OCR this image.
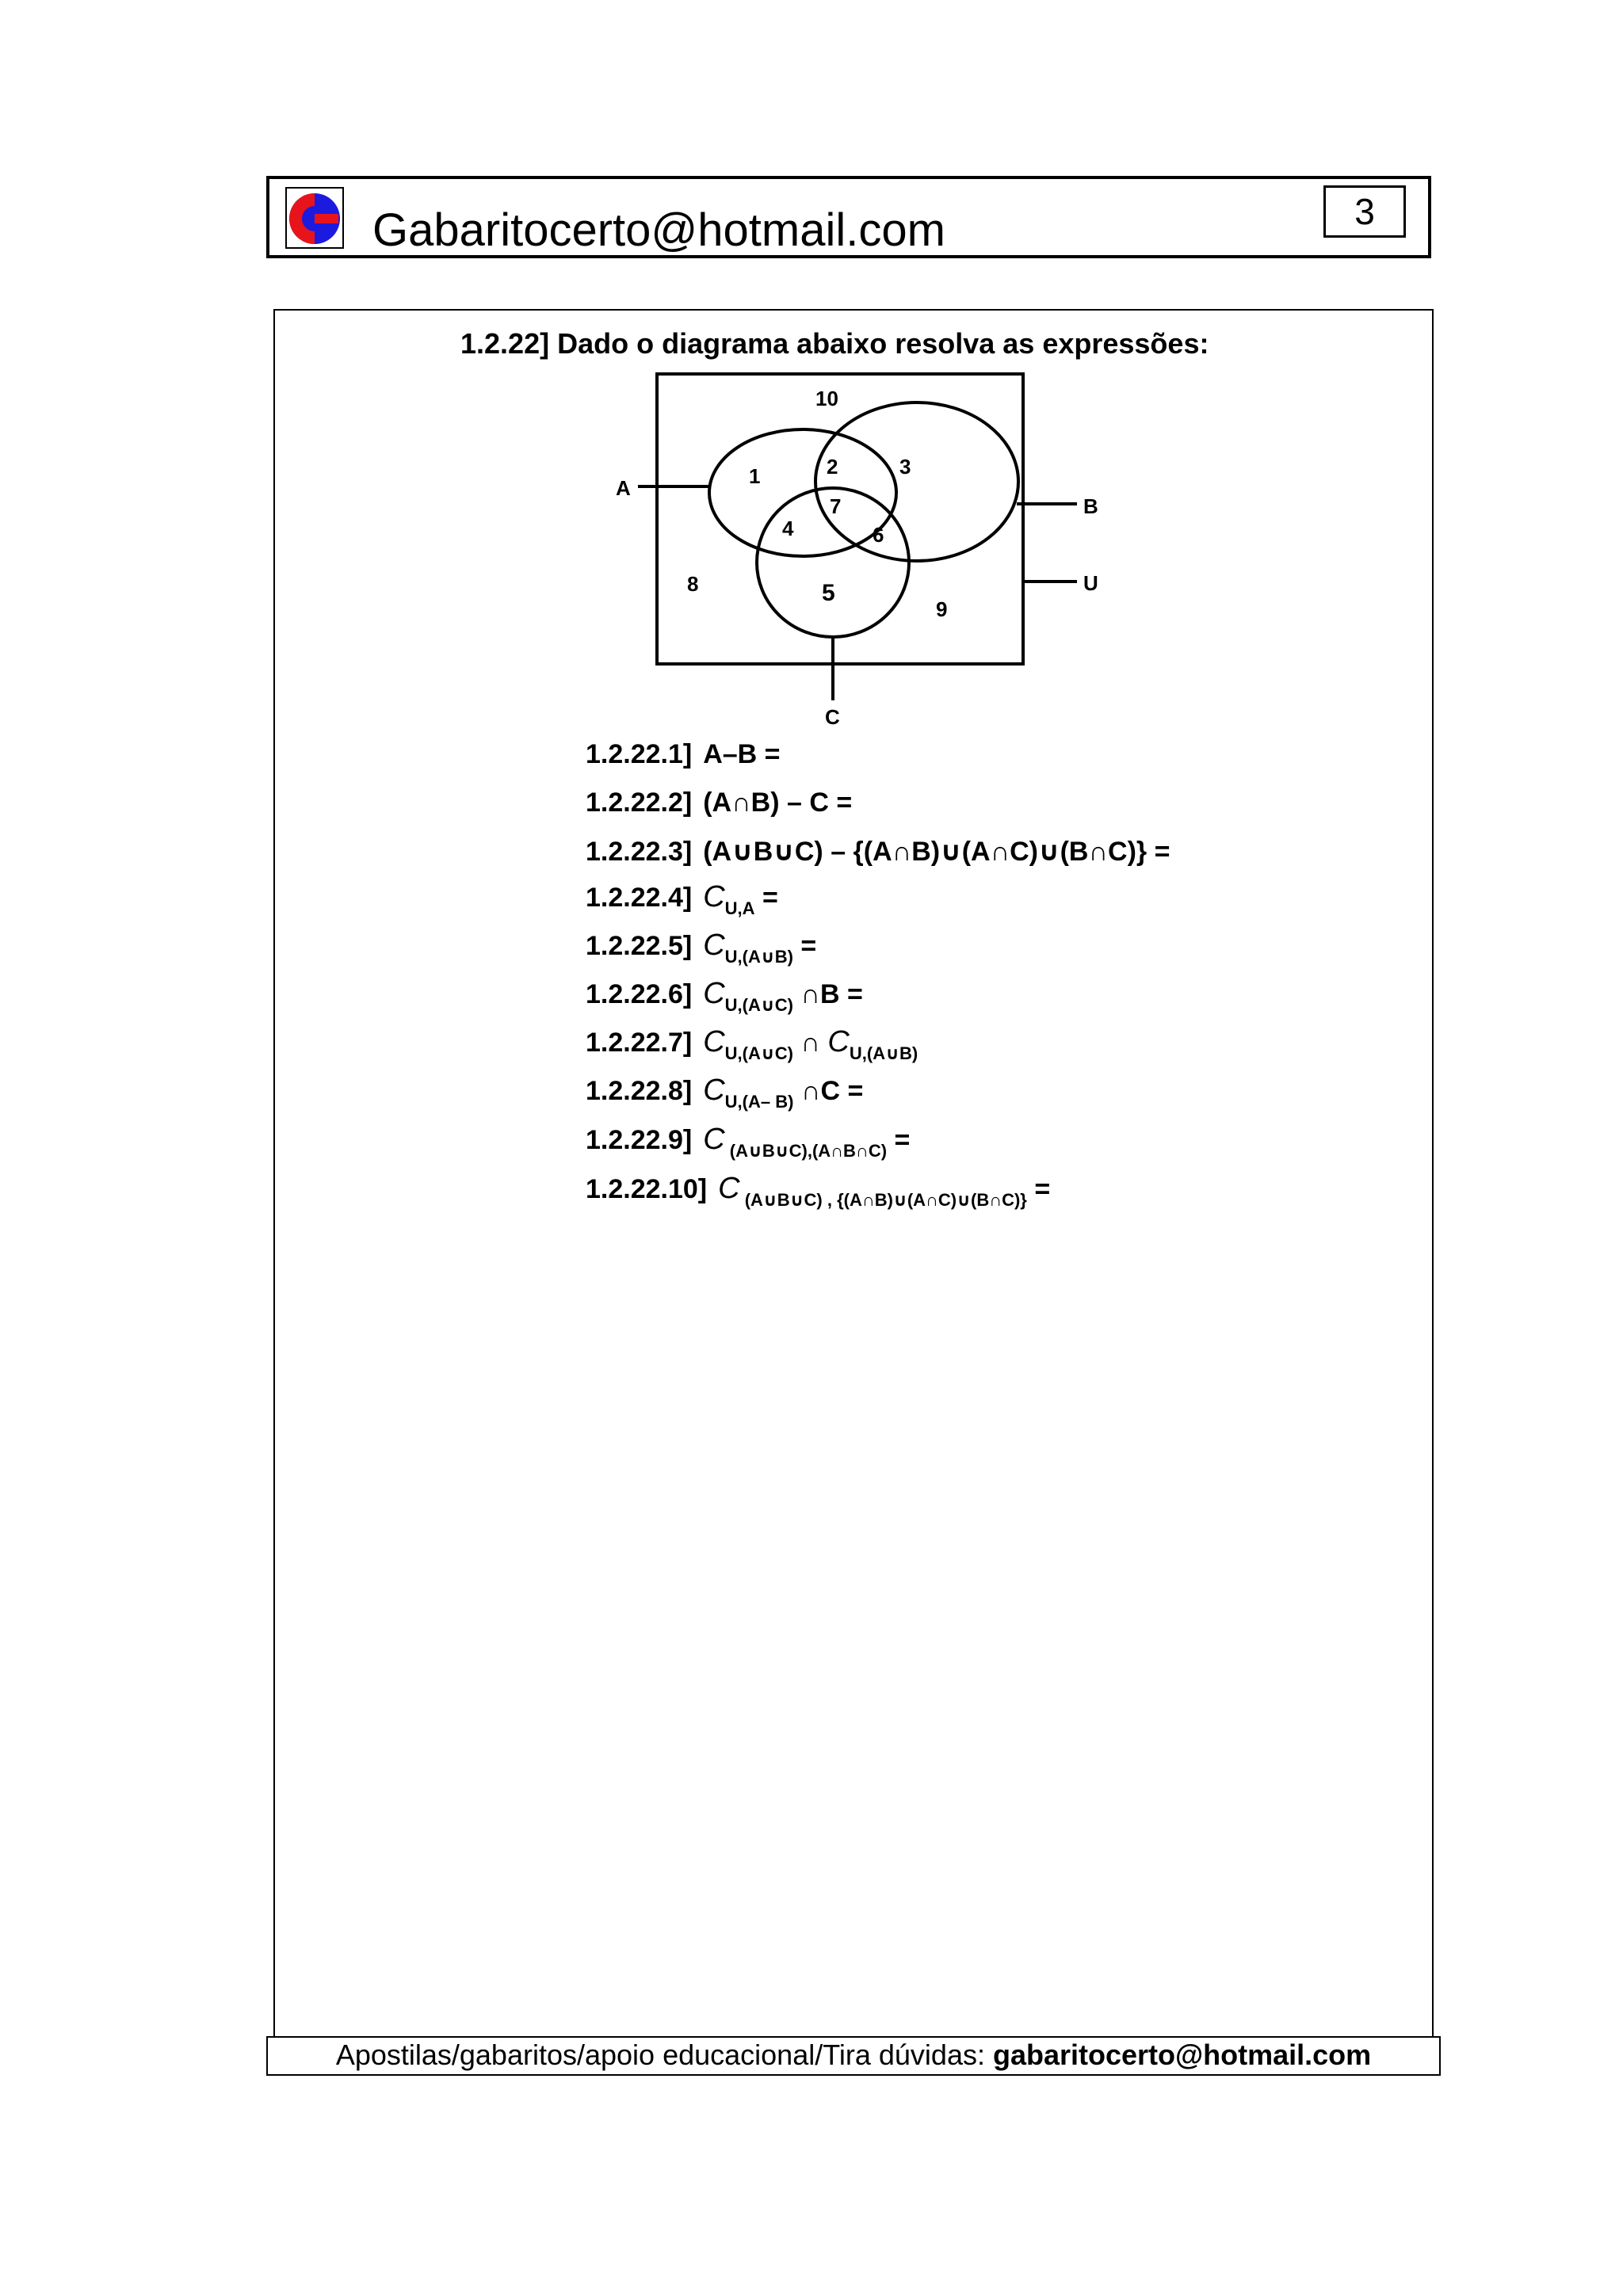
Gabaritocerto@hotmail.com	3
1.2.22] Dado o diagrama abaixo resolva as expressões:
A
B
U
C
10
1	2	3
7
4	6
8	5
9
1.2.22.1] A–B =
1.2.22.2] (A∩B) – C =
1.2.22.3] (A∪B∪C) – {(A∩B)∪(A∩C)∪(B∩C)} =
1.2.22.4] $C_{U,A}$ =
1.2.22.5] $C_{U,(A\cup B)}$ =
1.2.22.6] $C_{U,(A\cup C)}$ ∩B =
1.2.22.7] $C_{U,(A\cup C)}$ ∩ $C_{U,(A\cup B)}$
1.2.22.8] $C_{U,(A- B)}$ ∩C =
1.2.22.9] C $_{(A\cup B\cup C),(A\cap B\cap C)}$ =
1.2.22.10] C $_{(A\cup B\cup C) , \{(A\cap B)\cup(A\cap C)\cup(B\cap C)\}}$ =
Apostilas/gabaritos/apoio educacional/Tira dúvidas: gabaritocerto@hotmail.com
